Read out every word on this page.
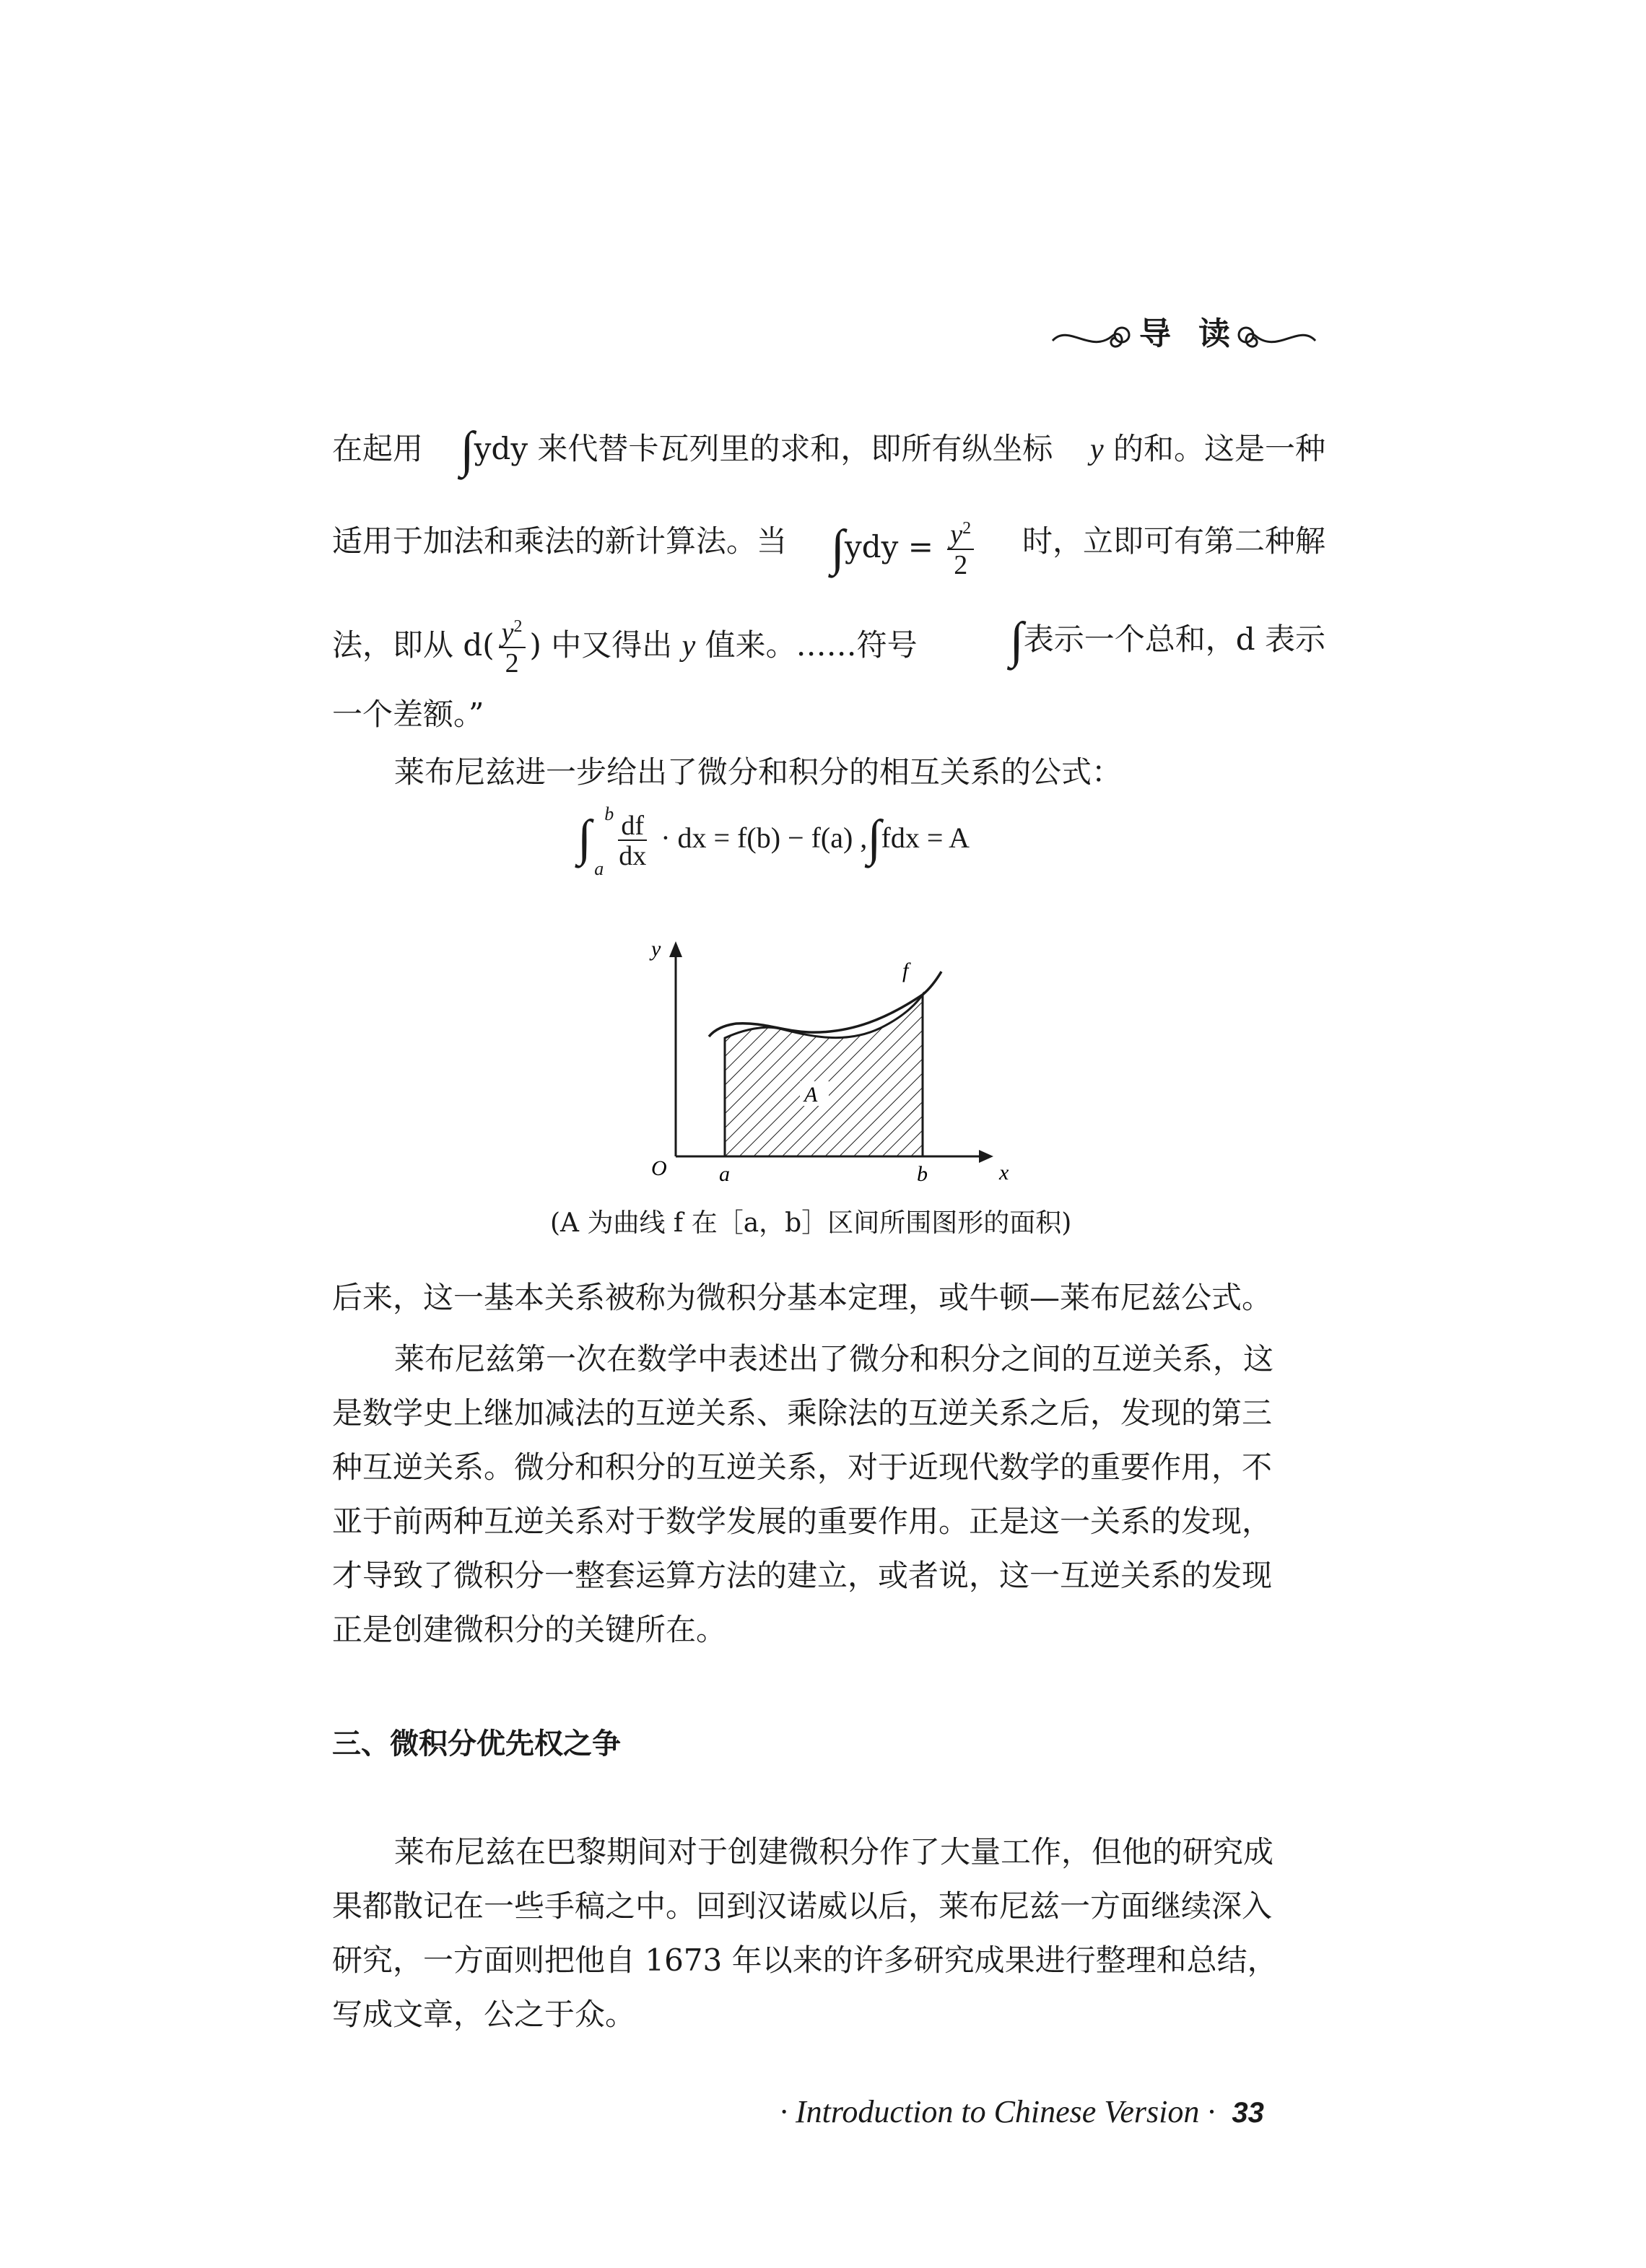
导读
在起用 ∫ydy 来代替卡瓦列里的求和，即所有纵坐标 y 的和。这是一种
适用于加法和乘法的新计算法。当 $\int ydy = \frac{y^2}{2}$ 时，立即可有第二种解
法，即从 $d( \frac{y^2}{2}$ ) 中又得出 y 值来。……符号 ∫表示一个总和，d 表示
一个差额。”
莱布尼兹进一步给出了微分和积分的相互关系的公式：
∫ b
a $\frac{df}{dx}$ · dx = f(b) − f(a) ,∫fdx = A
y
x
O a	b
f
A
(A 为曲线 f 在［a，b］区间所围图形的面积)
后来，这一基本关系被称为微积分基本定理，或牛顿—莱布尼兹公式。
莱布尼兹第一次在数学中表述出了微分和积分之间的互逆关系，这
是数学史上继加减法的互逆关系、乘除法的互逆关系之后，发现的第三
种互逆关系。微分和积分的互逆关系，对于近现代数学的重要作用，不
亚于前两种互逆关系对于数学发展的重要作用。正是这一关系的发现，
才导致了微积分一整套运算方法的建立，或者说，这一互逆关系的发现
正是创建微积分的关键所在。
三、微积分优先权之争
莱布尼兹在巴黎期间对于创建微积分作了大量工作，但他的研究成
果都散记在一些手稿之中。回到汉诺威以后，莱布尼兹一方面继续深入
研究，一方面则把他自 1673 年以来的许多研究成果进行整理和总结，
写成文章，公之于众。
· Introduction to Chinese Version · 33
